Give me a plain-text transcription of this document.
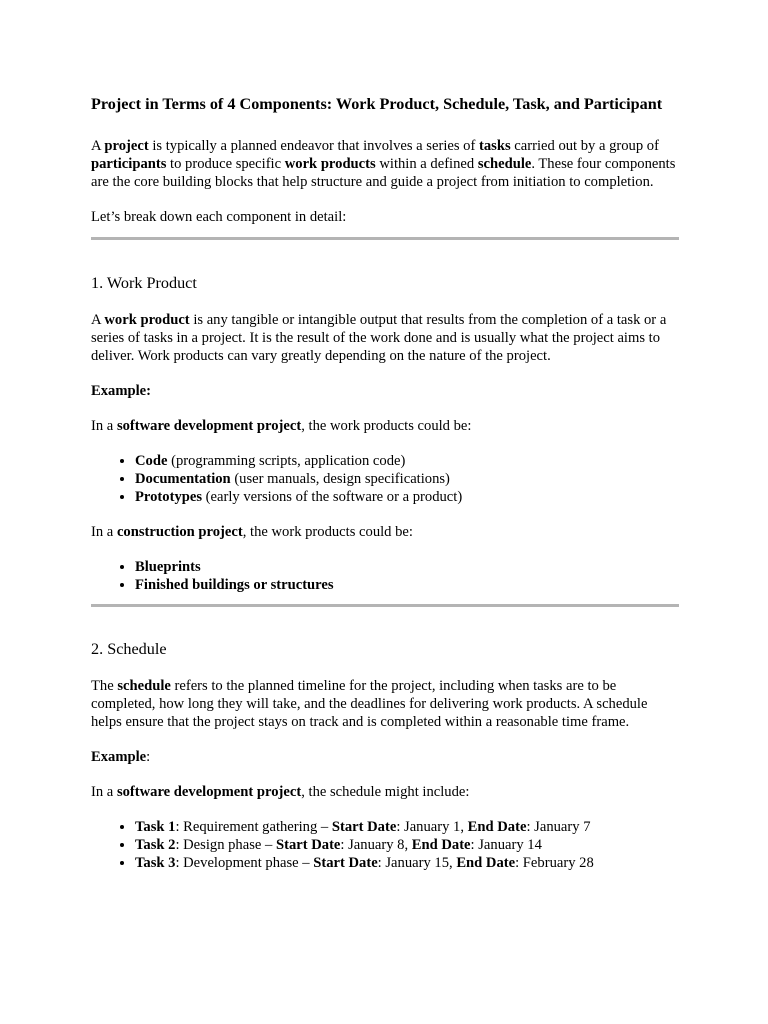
Project in Terms of 4 Components: Work Product, Schedule, Task, and Participant

A project is typically a planned endeavor that involves a series of tasks carried out by a group of participants to produce specific work products within a defined schedule. These four components are the core building blocks that help structure and guide a project from initiation to completion.

Let’s break down each component in detail:

1. Work Product

A work product is any tangible or intangible output that results from the completion of a task or a series of tasks in a project. It is the result of the work done and is usually what the project aims to deliver. Work products can vary greatly depending on the nature of the project.

Example:

In a software development project, the work products could be:

• Code (programming scripts, application code)
• Documentation (user manuals, design specifications)
• Prototypes (early versions of the software or a product)

In a construction project, the work products could be:

• Blueprints
• Finished buildings or structures
2. Schedule

The schedule refers to the planned timeline for the project, including when tasks are to be completed, how long they will take, and the deadlines for delivering work products. A schedule helps ensure that the project stays on track and is completed within a reasonable time frame.

Example:

In a software development project, the schedule might include:

• Task 1: Requirement gathering – Start Date: January 1, End Date: January 7
• Task 2: Design phase – Start Date: January 8, End Date: January 14
• Task 3: Development phase – Start Date: January 15, End Date: February 28
